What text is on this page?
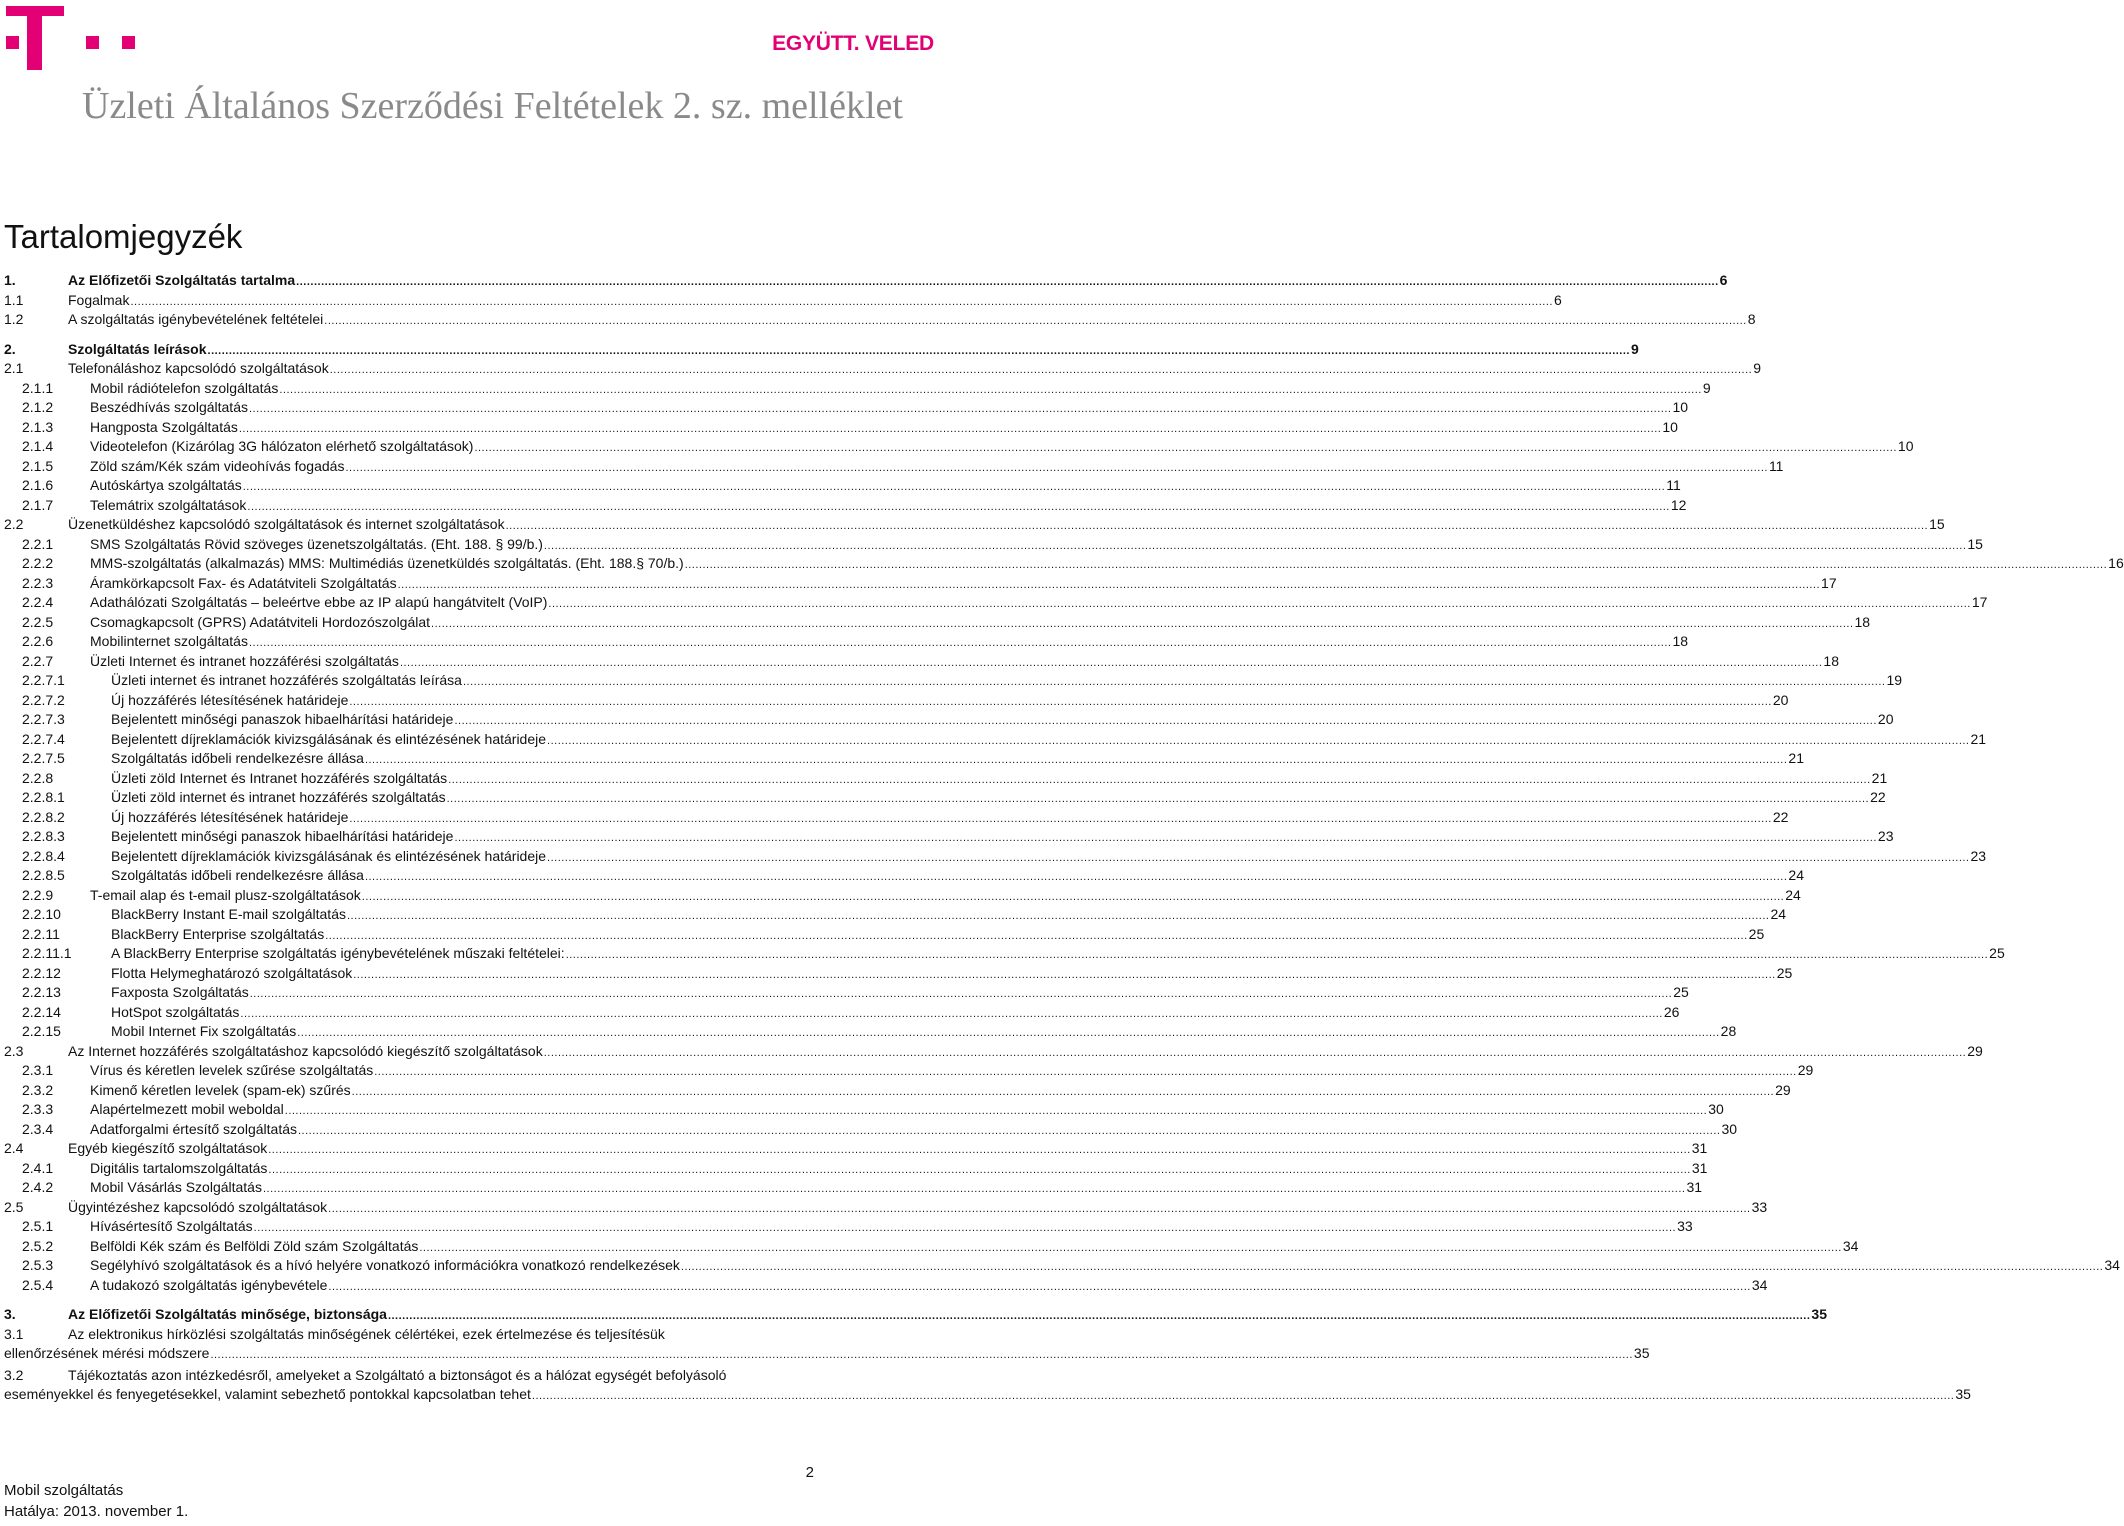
EGYÜTT. VELED
Üzleti Általános Szerződési Feltételek 2. sz. melléklet
Tartalomjegyzék
1.	Az Előfizetői Szolgáltatás tartalma ................................................................................................................................................................................................................................................................................................................................................................................................................ 6
1.1	Fogalmak ................................................................................................................................................................................................................................................................................................................................................................................................................ 6
1.2	A szolgáltatás igénybevételének feltételei ................................................................................................................................................................................................................................................................................................................................................................................................................ 8
2.	Szolgáltatás leírások ................................................................................................................................................................................................................................................................................................................................................................................................................ 9
2.1	Telefonáláshoz kapcsolódó szolgáltatások ................................................................................................................................................................................................................................................................................................................................................................................................................ 9
2.1.1	Mobil rádiótelefon szolgáltatás ................................................................................................................................................................................................................................................................................................................................................................................................................ 9
2.1.2	Beszédhívás szolgáltatás ................................................................................................................................................................................................................................................................................................................................................................................................................ 10
2.1.3	Hangposta Szolgáltatás ................................................................................................................................................................................................................................................................................................................................................................................................................ 10
2.1.4	Videotelefon (Kizárólag 3G hálózaton elérhető szolgáltatások) ................................................................................................................................................................................................................................................................................................................................................................................................................ 10
2.1.5	Zöld szám/Kék szám videohívás fogadás ................................................................................................................................................................................................................................................................................................................................................................................................................ 11
2.1.6	Autóskártya szolgáltatás ................................................................................................................................................................................................................................................................................................................................................................................................................ 11
2.1.7	Telemátrix szolgáltatások ................................................................................................................................................................................................................................................................................................................................................................................................................ 12
2.2	Üzenetküldéshez kapcsolódó szolgáltatások és internet szolgáltatások ................................................................................................................................................................................................................................................................................................................................................................................................................ 15
2.2.1	SMS Szolgáltatás Rövid szöveges üzenetszolgáltatás. (Eht. 188. § 99/b.) ................................................................................................................................................................................................................................................................................................................................................................................................................ 15
2.2.2	MMS-szolgáltatás (alkalmazás) MMS: Multimédiás üzenetküldés szolgáltatás. (Eht. 188.§ 70/b.) ................................................................................................................................................................................................................................................................................................................................................................................................................ 16
2.2.3	Áramkörkapcsolt Fax- és Adatátviteli Szolgáltatás ................................................................................................................................................................................................................................................................................................................................................................................................................ 17
2.2.4	Adathálózati Szolgáltatás – beleértve ebbe az IP alapú hangátvitelt (VoIP) ................................................................................................................................................................................................................................................................................................................................................................................................................ 17
2.2.5	Csomagkapcsolt (GPRS) Adatátviteli Hordozószolgálat ................................................................................................................................................................................................................................................................................................................................................................................................................ 18
2.2.6	Mobilinternet szolgáltatás ................................................................................................................................................................................................................................................................................................................................................................................................................ 18
2.2.7	Üzleti Internet és intranet hozzáférési szolgáltatás ................................................................................................................................................................................................................................................................................................................................................................................................................ 18
2.2.7.1	Üzleti internet és intranet hozzáférés szolgáltatás leírása ................................................................................................................................................................................................................................................................................................................................................................................................................ 19
2.2.7.2	Új hozzáférés létesítésének határideje ................................................................................................................................................................................................................................................................................................................................................................................................................ 20
2.2.7.3	Bejelentett minőségi panaszok hibaelhárítási határideje ................................................................................................................................................................................................................................................................................................................................................................................................................ 20
2.2.7.4	Bejelentett díjreklamációk kivizsgálásának és elintézésének határideje ................................................................................................................................................................................................................................................................................................................................................................................................................ 21
2.2.7.5	Szolgáltatás időbeli rendelkezésre állása ................................................................................................................................................................................................................................................................................................................................................................................................................ 21
2.2.8	Üzleti zöld Internet és Intranet hozzáférés szolgáltatás ................................................................................................................................................................................................................................................................................................................................................................................................................ 21
2.2.8.1	Üzleti zöld internet és intranet hozzáférés szolgáltatás ................................................................................................................................................................................................................................................................................................................................................................................................................ 22
2.2.8.2	Új hozzáférés létesítésének határideje ................................................................................................................................................................................................................................................................................................................................................................................................................ 22
2.2.8.3	Bejelentett minőségi panaszok hibaelhárítási határideje ................................................................................................................................................................................................................................................................................................................................................................................................................ 23
2.2.8.4	Bejelentett díjreklamációk kivizsgálásának és elintézésének határideje ................................................................................................................................................................................................................................................................................................................................................................................................................ 23
2.2.8.5	Szolgáltatás időbeli rendelkezésre állása ................................................................................................................................................................................................................................................................................................................................................................................................................ 24
2.2.9	T-email alap és t-email plusz-szolgáltatások ................................................................................................................................................................................................................................................................................................................................................................................................................ 24
2.2.10	BlackBerry Instant E-mail szolgáltatás ................................................................................................................................................................................................................................................................................................................................................................................................................ 24
2.2.11	BlackBerry Enterprise szolgáltatás ................................................................................................................................................................................................................................................................................................................................................................................................................ 25
2.2.11.1	A BlackBerry Enterprise szolgáltatás igénybevételének műszaki feltételei: ................................................................................................................................................................................................................................................................................................................................................................................................................ 25
2.2.12	Flotta Helymeghatározó szolgáltatások ................................................................................................................................................................................................................................................................................................................................................................................................................ 25
2.2.13	Faxposta Szolgáltatás ................................................................................................................................................................................................................................................................................................................................................................................................................ 25
2.2.14	HotSpot szolgáltatás ................................................................................................................................................................................................................................................................................................................................................................................................................ 26
2.2.15	Mobil Internet Fix szolgáltatás ................................................................................................................................................................................................................................................................................................................................................................................................................ 28
2.3	Az Internet hozzáférés szolgáltatáshoz kapcsolódó kiegészítő szolgáltatások ................................................................................................................................................................................................................................................................................................................................................................................................................ 29
2.3.1	Vírus és kéretlen levelek szűrése szolgáltatás ................................................................................................................................................................................................................................................................................................................................................................................................................ 29
2.3.2	Kimenő kéretlen levelek (spam-ek) szűrés ................................................................................................................................................................................................................................................................................................................................................................................................................ 29
2.3.3	Alapértelmezett mobil weboldal ................................................................................................................................................................................................................................................................................................................................................................................................................ 30
2.3.4	Adatforgalmi értesítő szolgáltatás ................................................................................................................................................................................................................................................................................................................................................................................................................ 30
2.4	Egyéb kiegészítő szolgáltatások ................................................................................................................................................................................................................................................................................................................................................................................................................ 31
2.4.1	Digitális tartalomszolgáltatás ................................................................................................................................................................................................................................................................................................................................................................................................................ 31
2.4.2	Mobil Vásárlás Szolgáltatás ................................................................................................................................................................................................................................................................................................................................................................................................................ 31
2.5	Ügyintézéshez kapcsolódó szolgáltatások ................................................................................................................................................................................................................................................................................................................................................................................................................ 33
2.5.1	Hívásértesítő Szolgáltatás ................................................................................................................................................................................................................................................................................................................................................................................................................ 33
2.5.2	Belföldi Kék szám és Belföldi Zöld szám Szolgáltatás ................................................................................................................................................................................................................................................................................................................................................................................................................ 34
2.5.3	Segélyhívó szolgáltatások és a hívó helyére vonatkozó információkra vonatkozó rendelkezések ................................................................................................................................................................................................................................................................................................................................................................................................................ 34
2.5.4	A tudakozó szolgáltatás igénybevétele ................................................................................................................................................................................................................................................................................................................................................................................................................ 34
3.	Az Előfizetői Szolgáltatás minősége, biztonsága ................................................................................................................................................................................................................................................................................................................................................................................................................ 35
3.1	Az elektronikus hírközlési szolgáltatás minőségének célértékei, ezek értelmezése és teljesítésük
ellenőrzésének mérési módszere ................................................................................................................................................................................................................................................................................................................................................................................................................ 35
3.2	Tájékoztatás azon intézkedésről, amelyeket a Szolgáltató a biztonságot és a hálózat egységét befolyásoló
eseményekkel és fenyegetésekkel, valamint sebezhető pontokkal kapcsolatban tehet ................................................................................................................................................................................................................................................................................................................................................................................................................ 35
Mobil szolgáltatás
Hatálya: 2013. november 1.
2
